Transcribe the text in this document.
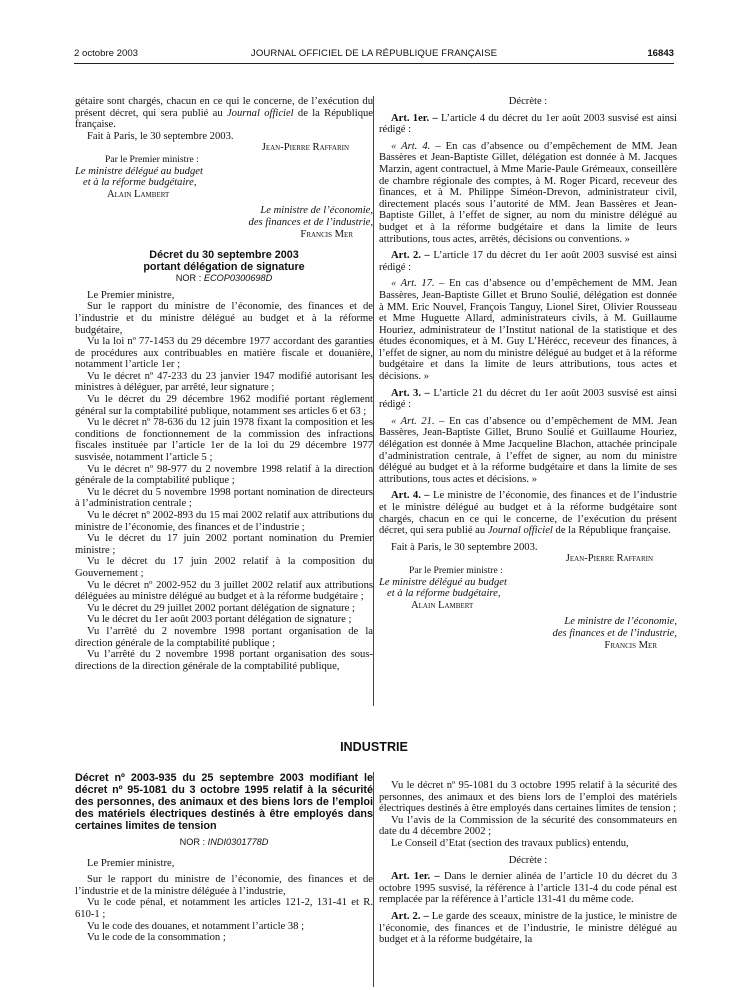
2 octobre 2003	JOURNAL OFFICIEL DE LA RÉPUBLIQUE FRANÇAISE	16843

gétaire sont chargés, chacun en ce qui le concerne, de l’exécution du présent décret, qui sera publié au Journal officiel de la République française.

Fait à Paris, le 30 septembre 2003.

Jean-Pierre Raffarin

Par le Premier ministre :

Le ministre délégué au budget

et à la réforme budgétaire,

Alain Lambert

Le ministre de l’économie,

des finances et de l’industrie,

Francis Mer

Décret du 30 septembre 2003

portant délégation de signature

NOR : ECOP0300698D

Le Premier ministre,

Sur le rapport du ministre de l’économie, des finances et de l’industrie et du ministre délégué au budget et à la réforme budgétaire,

Vu la loi nº 77-1453 du 29 décembre 1977 accordant des garanties de procédures aux contribuables en matière fiscale et douanière, notamment l’article 1er ;

Vu le décret nº 47-233 du 23 janvier 1947 modifié autorisant les ministres à déléguer, par arrêté, leur signature ;

Vu le décret du 29 décembre 1962 modifié portant règlement général sur la comptabilité publique, notamment ses articles 6 et 63 ;

Vu le décret nº 78-636 du 12 juin 1978 fixant la composition et les conditions de fonctionnement de la commission des infractions fiscales instituée par l’article 1er de la loi du 29 décembre 1977 susvisée, notamment l’article 5 ;

Vu le décret nº 98-977 du 2 novembre 1998 relatif à la direction générale de la comptabilité publique ;

Vu le décret du 5 novembre 1998 portant nomination de directeurs à l’administration centrale ;

Vu le décret nº 2002-893 du 15 mai 2002 relatif aux attributions du ministre de l’économie, des finances et de l’industrie ;

Vu le décret du 17 juin 2002 portant nomination du Premier ministre ;

Vu le décret du 17 juin 2002 relatif à la composition du Gouvernement ;

Vu le décret nº 2002-952 du 3 juillet 2002 relatif aux attributions déléguées au ministre délégué au budget et à la réforme budgétaire ;

Vu le décret du 29 juillet 2002 portant délégation de signature ;

Vu le décret du 1er août 2003 portant délégation de signature ;

Vu l’arrêté du 2 novembre 1998 portant organisation de la direction générale de la comptabilité publique ;

Vu l’arrêté du 2 novembre 1998 portant organisation des sous-directions de la direction générale de la comptabilité publique,

Décrète :

Art. 1er. – L’article 4 du décret du 1er août 2003 susvisé est ainsi rédigé :

« Art. 4. – En cas d’absence ou d’empêchement de MM. Jean Bassères et Jean-Baptiste Gillet, délégation est donnée à M. Jacques Marzin, agent contractuel, à Mme Marie-Paule Grémeaux, conseillère de chambre régionale des comptes, à M. Roger Picard, receveur des finances, et à M. Philippe Siméon-Drevon, administrateur civil, directement placés sous l’autorité de MM. Jean Bassères et Jean-Baptiste Gillet, à l’effet de signer, au nom du ministre délégué au budget et à la réforme budgétaire et dans la limite de leurs attributions, tous actes, arrêtés, décisions ou conventions. »

Art. 2. – L’article 17 du décret du 1er août 2003 susvisé est ainsi rédigé :

« Art. 17. – En cas d’absence ou d’empêchement de MM. Jean Bassères, Jean-Baptiste Gillet et Bruno Soulié, délégation est donnée à MM. Eric Nouvel, François Tanguy, Lionel Siret, Olivier Rousseau et Mme Huguette Allard, administrateurs civils, à M. Guillaume Houriez, administrateur de l’Institut national de la statistique et des études économiques, et à M. Guy L’Hérécc, receveur des finances, à l’effet de signer, au nom du ministre délégué au budget et à la réforme budgétaire et dans la limite de leurs attributions, tous actes et décisions. »

Art. 3. – L’article 21 du décret du 1er août 2003 susvisé est ainsi rédigé :

« Art. 21. – En cas d’absence ou d’empêchement de MM. Jean Bassères, Jean-Baptiste Gillet, Bruno Soulié et Guillaume Houriez, délégation est donnée à Mme Jacqueline Blachon, attachée principale d’administration centrale, à l’effet de signer, au nom du ministre délégué au budget et à la réforme budgétaire et dans la limite de ses attributions, tous actes et décisions. »

Art. 4. – Le ministre de l’économie, des finances et de l’industrie et le ministre délégué au budget et à la réforme budgétaire sont chargés, chacun en ce qui le concerne, de l’exécution du présent décret, qui sera publié au Journal officiel de la République française.

Fait à Paris, le 30 septembre 2003.

Jean-Pierre Raffarin

Par le Premier ministre :

Le ministre délégué au budget

et à la réforme budgétaire,

Alain Lambert

Le ministre de l’économie,

des finances et de l’industrie,

Francis Mer

INDUSTRIE

Décret nº 2003-935 du 25 septembre 2003 modifiant le décret nº 95-1081 du 3 octobre 1995 relatif à la sécurité des personnes, des animaux et des biens lors de l’emploi des matériels électriques destinés à être employés dans certaines limites de tension

NOR : INDI0301778D

Le Premier ministre,

Sur le rapport du ministre de l’économie, des finances et de l’industrie et de la ministre déléguée à l’industrie,

Vu le code pénal, et notamment les articles 121-2, 131-41 et R. 610-1 ;

Vu le code des douanes, et notamment l’article 38 ;

Vu le code de la consommation ;

Vu le décret nº 95-1081 du 3 octobre 1995 relatif à la sécurité des personnes, des animaux et des biens lors de l’emploi des matériels électriques destinés à être employés dans certaines limites de tension ;

Vu l’avis de la Commission de la sécurité des consommateurs en date du 4 décembre 2002 ;

Le Conseil d’Etat (section des travaux publics) entendu,

Décrète :

Art. 1er. – Dans le dernier alinéa de l’article 10 du décret du 3 octobre 1995 susvisé, la référence à l’article 131-4 du code pénal est remplacée par la référence à l’article 131-41 du même code.

Art. 2. – Le garde des sceaux, ministre de la justice, le ministre de l’économie, des finances et de l’industrie, le ministre délégué au budget et à la réforme budgétaire, la
